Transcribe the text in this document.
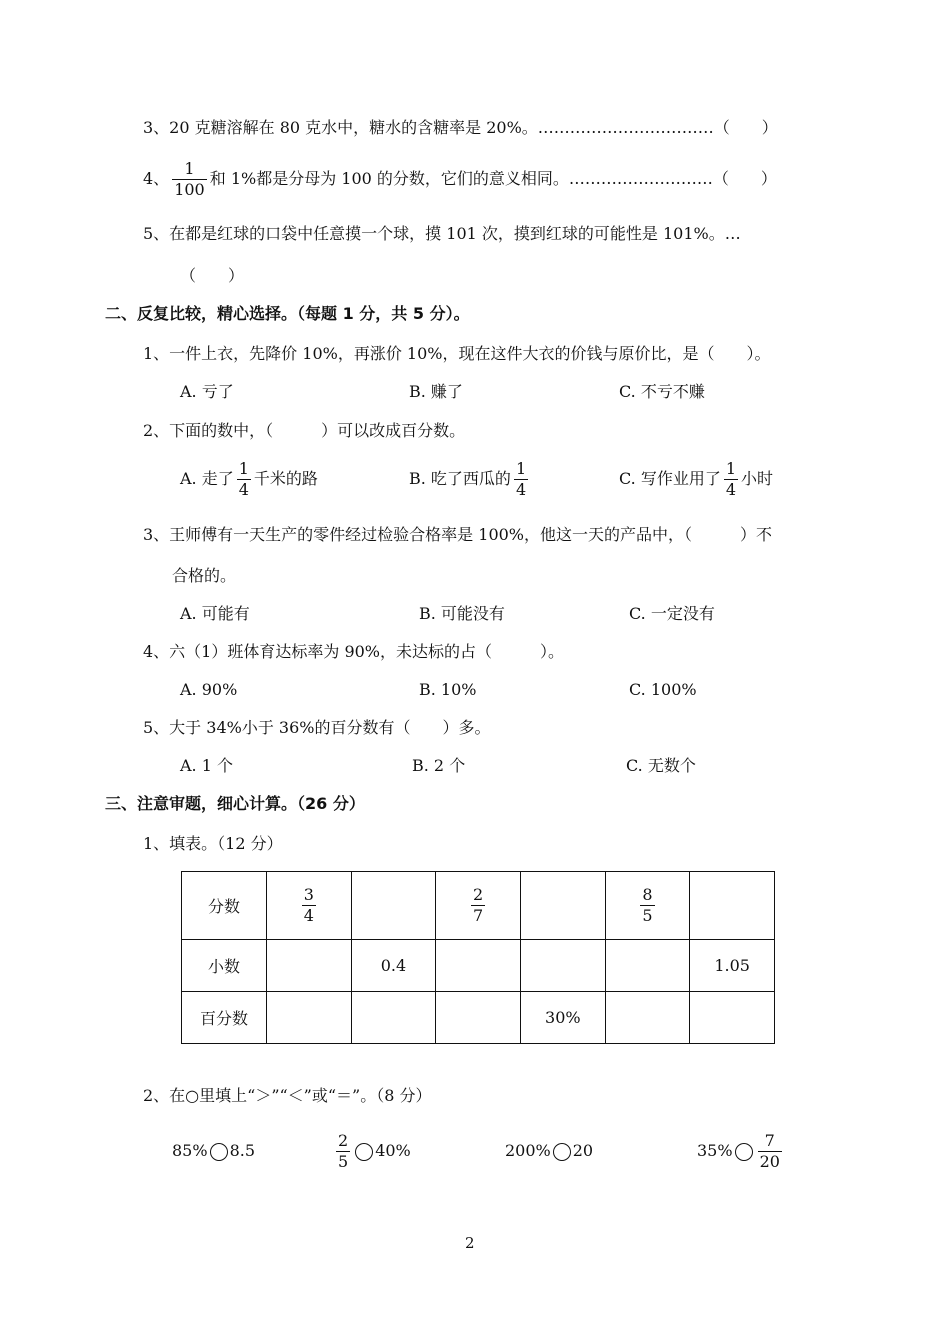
3、20 克糖溶解在 80 克水中，糖水的含糖率是 20%。……………………………（　　）
4、 $\frac{1}{100}$ 和 1%都是分母为 100 的分数，它们的意义相同。………………………（　　）
5、在都是红球的口袋中任意摸一个球，摸 101 次，摸到红球的可能性是 101%。…
（　　）
二、反复比较，精心选择。（每题 1 分，共 5 分）。
1、一件上衣，先降价 10%，再涨价 10%，现在这件大衣的价钱与原价比，是（　　）。
A. 亏了	B. 赚了	C. 不亏不赚
2、下面的数中，（　　　）可以改成百分数。
A. 走了 $\frac{1}{4}$ 千米的路	B. 吃了西瓜的 $\frac{1}{4}$	C. 写作业用了 $\frac{1}{4}$ 小时
3、王师傅有一天生产的零件经过检验合格率是 100%，他这一天的产品中，（　　　）不
合格的。
A. 可能有	B. 可能没有	C. 一定没有
4、六（1）班体育达标率为 90%，未达标的占（　　　）。
A. 90%	B. 10%	C. 100%
5、大于 34%小于 36%的百分数有（　　）多。
A. 1 个	B. 2 个	C. 无数个
三、注意审题，细心计算。（26 分）
1、填表。（12 分）
分数	$\frac{3}{4}$		$\frac{2}{7}$		$\frac{8}{5}$

小数		0.4				1.05
百分数				30%		
2、在○里填上“＞”“＜”或“＝”。（8 分）
85% 8.5	$\frac{2}{5} 40\%$	200% 20	$35\% \frac{7}{20}$
2
